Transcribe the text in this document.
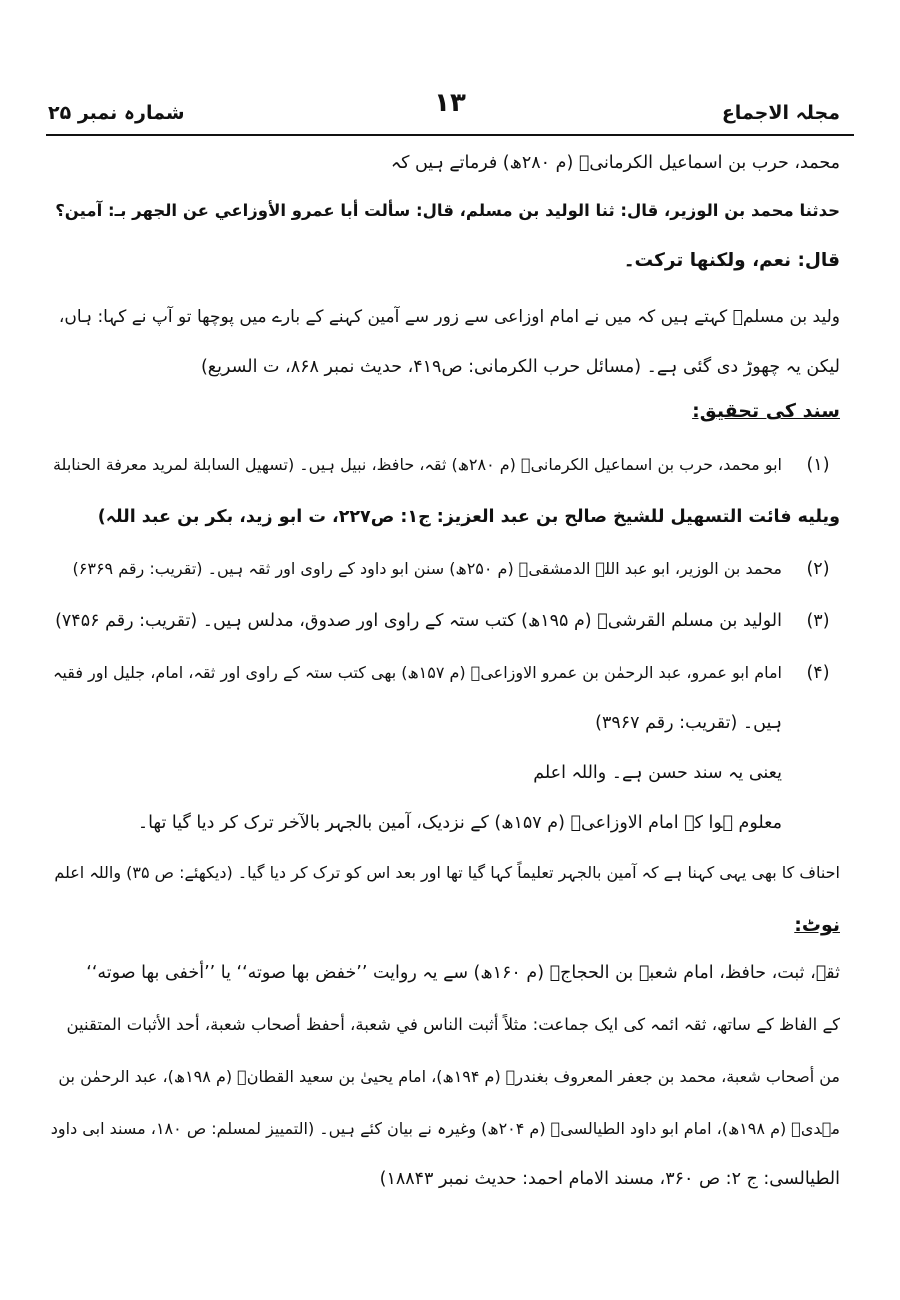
مجلہ الاجماع
۱۳
شمارہ نمبر ۲۵
محمد، حرب بن اسماعیل الکرمانیؒ (م ۲۸۰ھ) فرماتے ہیں کہ
حدثنا محمد بن الوزير، قال: ثنا الوليد بن مسلم، قال: سألت أبا عمرو الأوزاعي عن الجهر بـ: آمين؟
قال: نعم، ولكنها تركت۔
ولید بن مسلمؒ کہتے ہیں کہ میں نے امام اوزاعی سے زور سے آمین کہنے کے بارے میں پوچھا تو آپ نے کہا: ہاں،
لیکن یہ چھوڑ دی گئی ہے۔ (مسائل حرب الکرمانی: ص۴۱۹، حدیث نمبر ۸۶۸، ت السریع)
سند کی تحقیق:
(۱)
ابو محمد، حرب بن اسماعیل الکرمانیؒ (م ۲۸۰ھ) ثقہ، حافظ، نبیل ہیں۔ (تسهيل السابلة لمريد معرفة الحنابلة
ويليه فائت التسهيل للشيخ صالح بن عبد العزيز: ج۱: ص۲۲۷، ت ابو زید، بکر بن عبد اللہ)
(۲)
محمد بن الوزیر، ابو عبد اللہ الدمشقیؒ (م ۲۵۰ھ) سنن ابو داود کے راوی اور ثقہ ہیں۔ (تقریب: رقم ۶۳۶۹)
(۳)
الولید بن مسلم القرشیؒ (م ۱۹۵ھ) کتب ستہ کے راوی اور صدوق، مدلس ہیں۔ (تقریب: رقم ۷۴۵۶)
(۴)
امام ابو عمرو، عبد الرحمٰن بن عمرو الاوزاعیؒ (م ۱۵۷ھ) بھی کتب ستہ کے راوی اور ثقہ، امام، جلیل اور فقیہ
ہیں۔ (تقریب: رقم ۳۹۶۷)
یعنی یہ سند حسن ہے۔ واللہ اعلم
معلوم ہوا کہ امام الاوزاعیؒ (م ۱۵۷ھ) کے نزدیک، آمین بالجہر بالآخر ترک کر دیا گیا تھا۔
احناف کا بھی یہی کہنا ہے کہ آمین بالجہر تعلیماً کہا گیا تھا اور بعد اس کو ترک کر دیا گیا۔ (دیکھئے: ص ۳۵) واللہ اعلم
نوٹ:
ثقہ، ثبت، حافظ، امام شعبۃ بن الحجاجؒ (م ۱۶۰ھ) سے یہ روایت ’’خفض بها صوته‘‘ یا ’’أخفی بها صوته‘‘
کے الفاظ کے ساتھ، ثقہ ائمہ کی ایک جماعت: مثلاً أثبت الناس في شعبة، أحفظ أصحاب شعبة، أحد الأثبات المتقنين
من أصحاب شعبة، محمد بن جعفر المعروف بغندرؒ (م ۱۹۴ھ)، امام یحییٰ بن سعید القطانؒ (م ۱۹۸ھ)، عبد الرحمٰن بن
مہدیؒ (م ۱۹۸ھ)، امام ابو داود الطیالسیؒ (م ۲۰۴ھ) وغیرہ نے بیان کئے ہیں۔ (التمییز لمسلم: ص ۱۸۰، مسند ابی داود
الطیالسی: ج ۲: ص ۳۶۰، مسند الامام احمد: حدیث نمبر ۱۸۸۴۳)
